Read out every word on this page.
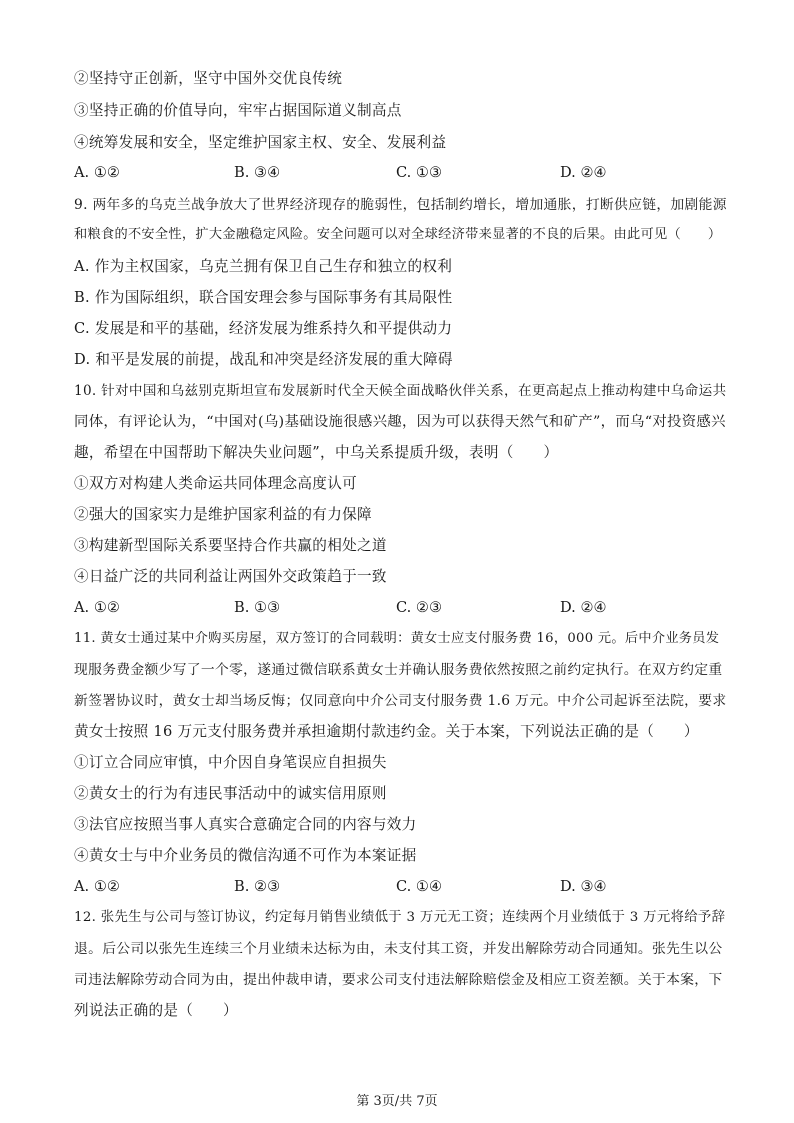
②坚持守正创新，坚守中国外交优良传统
③坚持正确的价值导向，牢牢占据国际道义制高点
④统筹发展和安全，坚定维护国家主权、安全、发展利益
A. ①②	B. ③④	C. ①③	D. ②④
9. 两年多的乌克兰战争放大了世界经济现存的脆弱性，包括制约增长，增加通胀，打断供应链，加剧能源
和粮食的不安全性，扩大金融稳定风险。安全问题可以对全球经济带来显著的不良的后果。由此可见（　　）
A. 作为主权国家，乌克兰拥有保卫自己生存和独立的权利
B. 作为国际组织，联合国安理会参与国际事务有其局限性
C. 发展是和平的基础，经济发展为维系持久和平提供动力
D. 和平是发展的前提，战乱和冲突是经济发展的重大障碍
10. 针对中国和乌兹别克斯坦宣布发展新时代全天候全面战略伙伴关系，在更高起点上推动构建中乌命运共
同体，有评论认为，“中国对(乌)基础设施很感兴趣，因为可以获得天然气和矿产”，而乌“对投资感兴
趣，希望在中国帮助下解决失业问题”，中乌关系提质升级，表明（　　）
①双方对构建人类命运共同体理念高度认可
②强大的国家实力是维护国家利益的有力保障
③构建新型国际关系要坚持合作共赢的相处之道
④日益广泛的共同利益让两国外交政策趋于一致
A. ①②	B. ①③	C. ②③	D. ②④
11. 黄女士通过某中介购买房屋，双方签订的合同载明：黄女士应支付服务费 16，000 元。后中介业务员发
现服务费金额少写了一个零，遂通过微信联系黄女士并确认服务费依然按照之前约定执行。在双方约定重
新签署协议时，黄女士却当场反悔；仅同意向中介公司支付服务费 1.6 万元。中介公司起诉至法院，要求
黄女士按照 16 万元支付服务费并承担逾期付款违约金。关于本案，下列说法正确的是（　　）
①订立合同应审慎，中介因自身笔误应自担损失
②黄女士的行为有违民事活动中的诚实信用原则
③法官应按照当事人真实合意确定合同的内容与效力
④黄女士与中介业务员的微信沟通不可作为本案证据
A. ①②	B. ②③	C. ①④	D. ③④
12. 张先生与公司与签订协议，约定每月销售业绩低于 3 万元无工资；连续两个月业绩低于 3 万元将给予辞
退。后公司以张先生连续三个月业绩未达标为由，未支付其工资，并发出解除劳动合同通知。张先生以公
司违法解除劳动合同为由，提出仲裁申请，要求公司支付违法解除赔偿金及相应工资差额。关于本案，下
列说法正确的是（　　）
第 3页/共 7页
